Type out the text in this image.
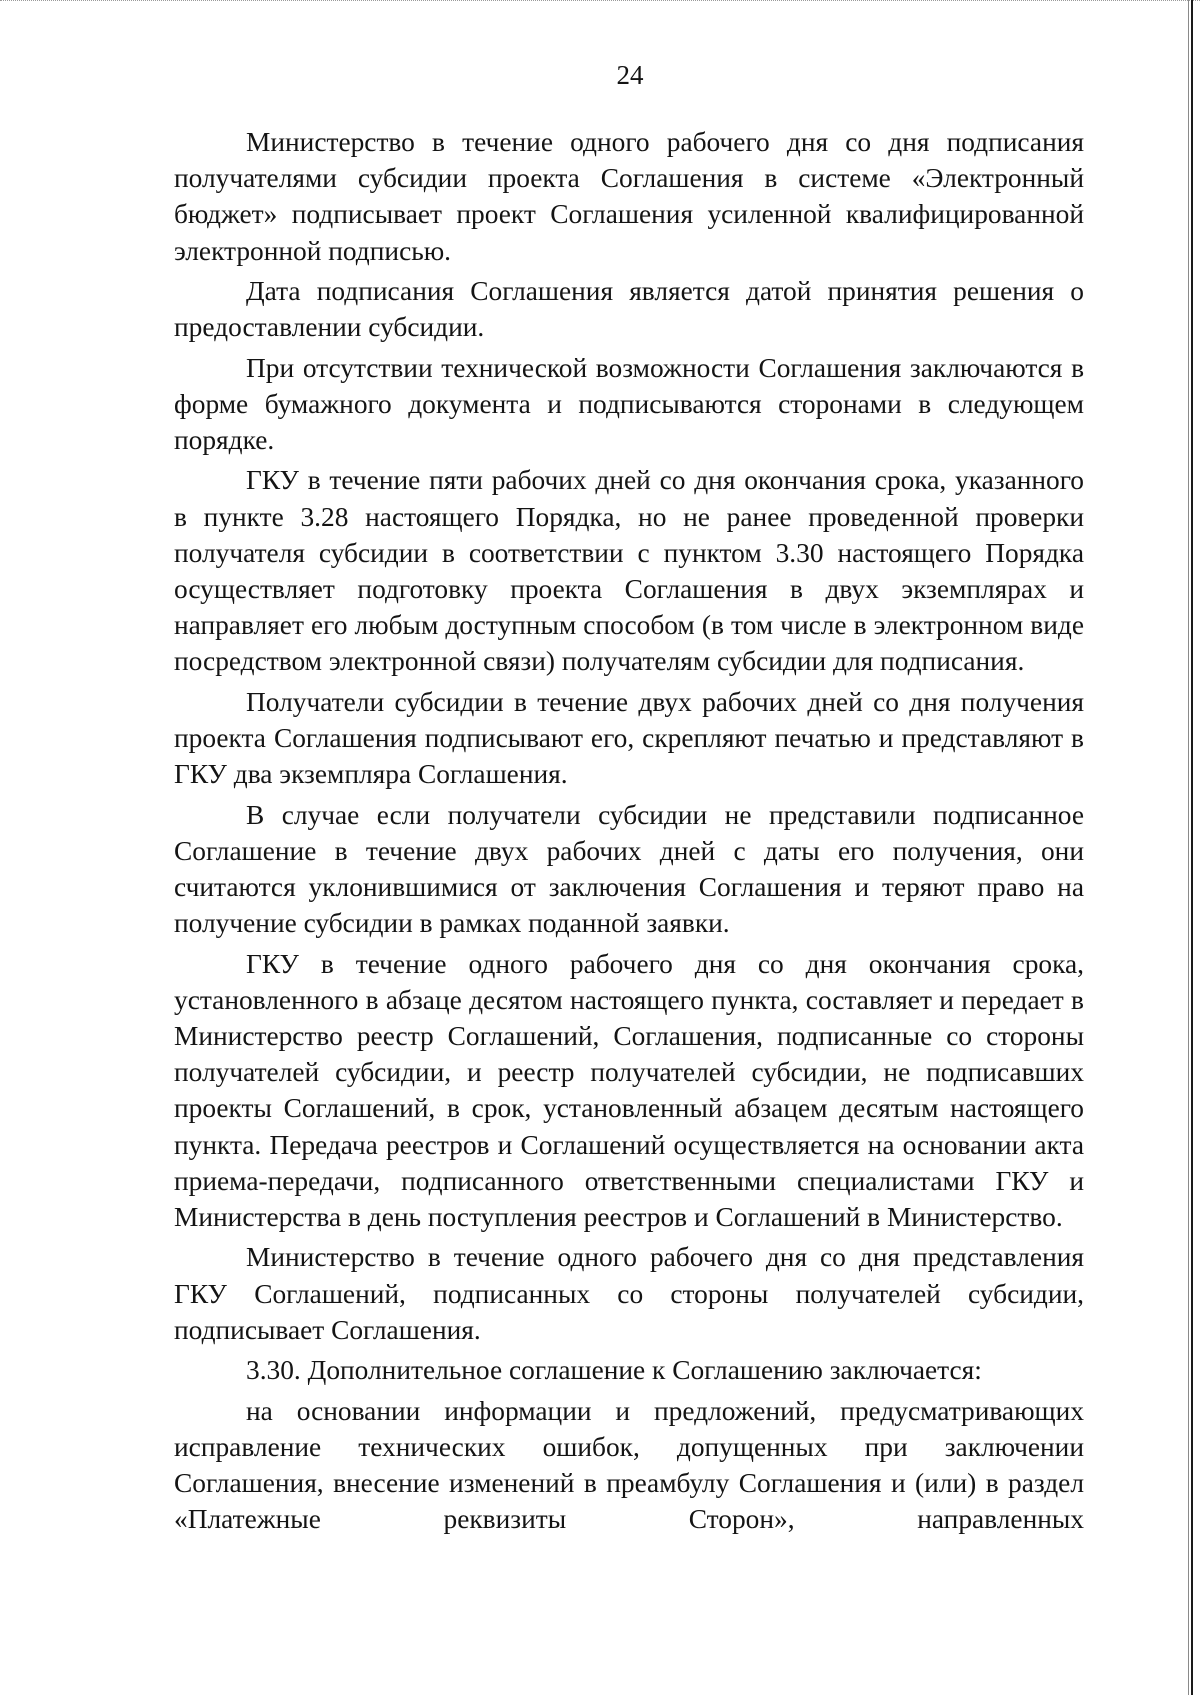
24

Министерство в течение одного рабочего дня со дня подписания получателями субсидии проекта Соглашения в системе «Электронный бюджет» подписывает проект Соглашения усиленной квалифицированной электронной подписью.

Дата подписания Соглашения является датой принятия решения о предоставлении субсидии.

При отсутствии технической возможности Соглашения заключаются в форме бумажного документа и подписываются сторонами в следующем порядке.

ГКУ в течение пяти рабочих дней со дня окончания срока, указанного в пункте 3.28 настоящего Порядка, но не ранее проведенной проверки получателя субсидии в соответствии с пунктом 3.30 настоящего Порядка осуществляет подготовку проекта Соглашения в двух экземплярах и направляет его любым доступным способом (в том числе в электронном виде посредством электронной связи) получателям субсидии для подписания.

Получатели субсидии в течение двух рабочих дней со дня получения проекта Соглашения подписывают его, скрепляют печатью и представляют в ГКУ два экземпляра Соглашения.

В случае если получатели субсидии не представили подписанное Соглашение в течение двух рабочих дней с даты его получения, они считаются уклонившимися от заключения Соглашения и теряют право на получение субсидии в рамках поданной заявки.

ГКУ в течение одного рабочего дня со дня окончания срока, установленного в абзаце десятом настоящего пункта, составляет и передает в Министерство реестр Соглашений, Соглашения, подписанные со стороны получателей субсидии, и реестр получателей субсидии, не подписавших проекты Соглашений, в срок, установленный абзацем десятым настоящего пункта. Передача реестров и Соглашений осуществляется на основании акта приема-передачи, подписанного ответственными специалистами ГКУ и Министерства в день поступления реестров и Соглашений в Министерство.

Министерство в течение одного рабочего дня со дня представления ГКУ Соглашений, подписанных со стороны получателей субсидии, подписывает Соглашения.

3.30. Дополнительное соглашение к Соглашению заключается:

на основании информации и предложений, предусматривающих исправление технических ошибок, допущенных при заключении Соглашения, внесение изменений в преамбулу Соглашения и (или) в раздел «Платежные реквизиты Сторон», направленных
